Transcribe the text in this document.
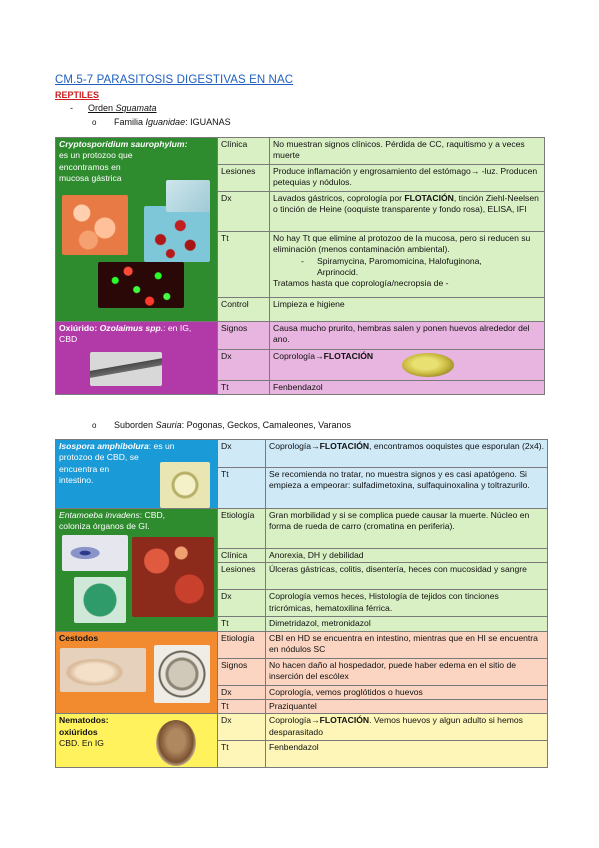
CM.5-7 PARASITOSIS DIGESTIVAS EN NAC
REPTILES
- Orden Squamata
o Familia Iguanidae: IGUANAS
Cryptosporidium saurophylum:
es un protozoo que
encontramos en
mucosa gástrica	Clínica	No muestran signos clínicos. Pérdida de CC, raquitismo y a veces muerte
	Lesiones	Produce inflamación y engrosamiento del estómago→ -luz. Producen petequias y nódulos.
	Dx	Lavados gástricos, coprología por FLOTACIÓN, tinción Ziehl-Neelsen o tinción de Heine (ooquiste transparente y fondo rosa), ELISA, IFI
	Tt	No hay Tt que elimine al protozoo de la mucosa, pero si reducen su eliminación (menos contaminación ambiental).
- Spiramycina, Paromomicina, Halofuginona,
Arprinocid.
Tratamos hasta que coprología/necropsia de -

	Control	Limpieza e higiene

Oxiúrido: Ozolaimus spp.: en IG,
CBD	Signos	Causa mucho prurito, hembras salen y ponen huevos alrededor del ano.
	Dx	Coprología→FLOTACIÓN

	Tt	Fenbendazol
o Suborden Sauria: Pogonas, Geckos, Camaleones, Varanos
Isospora amphibolura: es un
protozoo de CBD, se
encuentra en
intestino.	Dx	Coprología→FLOTACIÓN, encontramos ooquistes que esporulan (2x4).
	Tt	Se recomienda no tratar, no muestra signos y es casi apatógeno. Si empieza a empeorar: sulfadimetoxina, sulfaquinoxalina y toltrazurilo.

Entamoeba invadens: CBD,
coloniza órganos de GI.	Etiología	Gran morbilidad y si se complica puede causar la muerte. Núcleo en forma de rueda de carro (cromatina en periferia).
	Clínica	Anorexia, DH y debilidad
	Lesiones	Úlceras gástricas, colitis, disentería, heces con mucosidad y sangre
	Dx	Coprología vemos heces, Histología de tejidos con tinciones tricrómicas, hematoxilina férrica.
	Tt	Dimetridazol, metronidazol

Cestodos	Etiología	CBI en HD se encuentra en intestino, mientras que en HI se encuentra en nódulos SC
	Signos	No hacen daño al hospedador, puede haber edema en el sitio de inserción del escólex
	Dx	Coprología, vemos proglótidos o huevos
	Tt	Praziquantel

Nematodos:
oxiúridos
CBD. En IG	Dx	Coprología→FLOTACIÓN. Vemos huevos y algun adulto si hemos desparasitado
	Tt	Fenbendazol
